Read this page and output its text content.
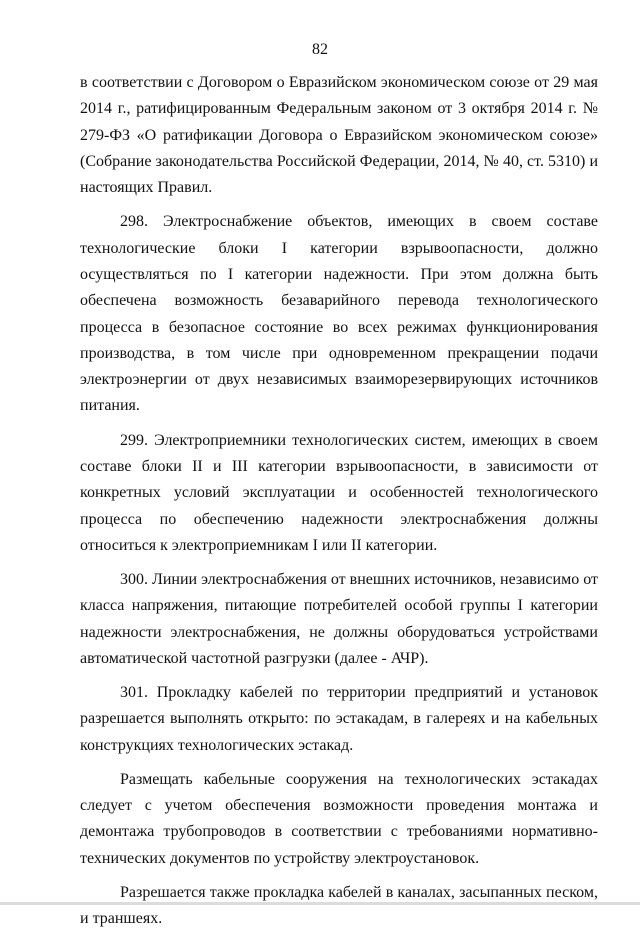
82

в соответствии с Договором о Евразийском экономическом союзе от 29 мая 2014 г., ратифицированным Федеральным законом от 3 октября 2014 г. № 279-ФЗ «О ратификации Договора о Евразийском экономическом союзе» (Собрание законодательства Российской Федерации, 2014, № 40, ст. 5310) и настоящих Правил.

298. Электроснабжение объектов, имеющих в своем составе технологические блоки I категории взрывоопасности, должно осуществляться по I категории надежности. При этом должна быть обеспечена возможность безаварийного перевода технологического процесса в безопасное состояние во всех режимах функционирования производства, в том числе при одновременном прекращении подачи электроэнергии от двух независимых взаиморезервирующих источников питания.

299. Электроприемники технологических систем, имеющих в своем составе блоки II и III категории взрывоопасности, в зависимости от конкретных условий эксплуатации и особенностей технологического процесса по обеспечению надежности электроснабжения должны относиться к электроприемникам I или II категории.

300. Линии электроснабжения от внешних источников, независимо от класса напряжения, питающие потребителей особой группы I категории надежности электроснабжения, не должны оборудоваться устройствами автоматической частотной разгрузки (далее - АЧР).

301. Прокладку кабелей по территории предприятий и установок разрешается выполнять открыто: по эстакадам, в галереях и на кабельных конструкциях технологических эстакад.

Размещать кабельные сооружения на технологических эстакадах следует с учетом обеспечения возможности проведения монтажа и демонтажа трубопроводов в соответствии с требованиями нормативно-технических документов по устройству электроустановок.

Разрешается также прокладка кабелей в каналах, засыпанных песком, и траншеях.
